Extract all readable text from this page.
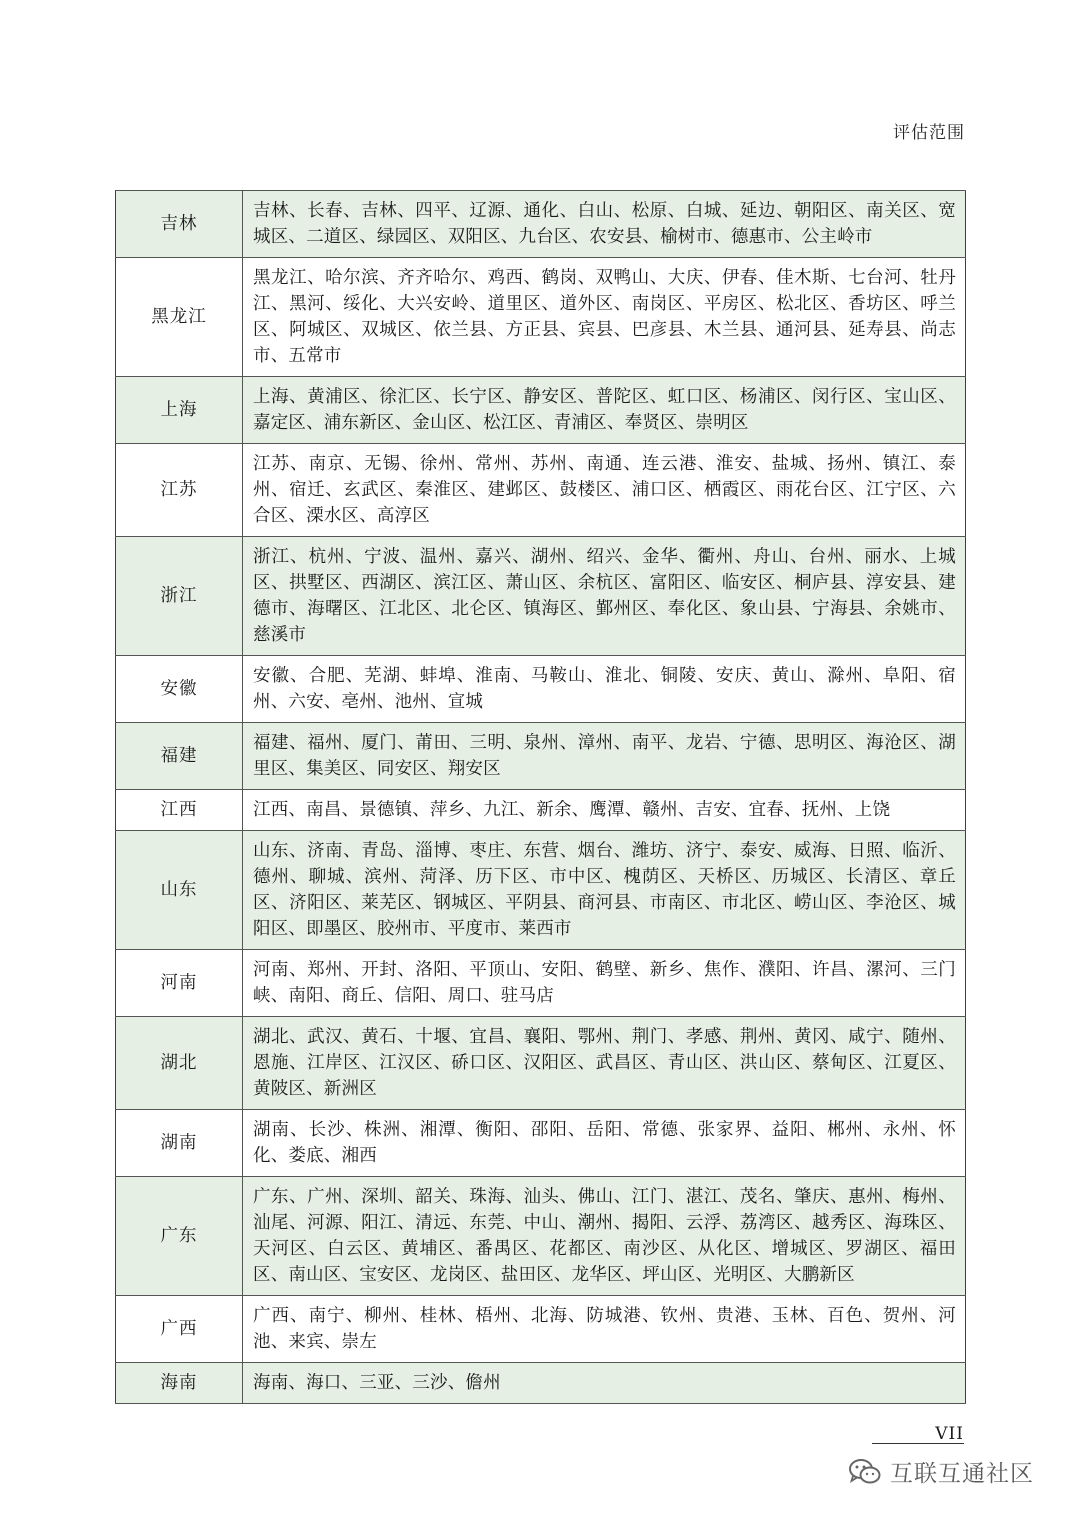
评估范围
吉林	吉林、长春、吉林、四平、辽源、通化、白山、松原、白城、延边、朝阳区、南关区、宽城区、二道区、绿园区、双阳区、九台区、农安县、榆树市、德惠市、公主岭市
黑龙江	黑龙江、哈尔滨、齐齐哈尔、鸡西、鹤岗、双鸭山、大庆、伊春、佳木斯、七台河、牡丹江、黑河、绥化、大兴安岭、道里区、道外区、南岗区、平房区、松北区、香坊区、呼兰区、阿城区、双城区、依兰县、方正县、宾县、巴彦县、木兰县、通河县、延寿县、尚志市、五常市
上海	上海、黄浦区、徐汇区、长宁区、静安区、普陀区、虹口区、杨浦区、闵行区、宝山区、嘉定区、浦东新区、金山区、松江区、青浦区、奉贤区、崇明区
江苏	江苏、南京、无锡、徐州、常州、苏州、南通、连云港、淮安、盐城、扬州、镇江、泰州、宿迁、玄武区、秦淮区、建邺区、鼓楼区、浦口区、栖霞区、雨花台区、江宁区、六合区、溧水区、高淳区
浙江	浙江、杭州、宁波、温州、嘉兴、湖州、绍兴、金华、衢州、舟山、台州、丽水、上城区、拱墅区、西湖区、滨江区、萧山区、余杭区、富阳区、临安区、桐庐县、淳安县、建德市、海曙区、江北区、北仑区、镇海区、鄞州区、奉化区、象山县、宁海县、余姚市、慈溪市
安徽	安徽、合肥、芜湖、蚌埠、淮南、马鞍山、淮北、铜陵、安庆、黄山、滁州、阜阳、宿州、六安、亳州、池州、宣城
福建	福建、福州、厦门、莆田、三明、泉州、漳州、南平、龙岩、宁德、思明区、海沧区、湖里区、集美区、同安区、翔安区
江西	江西、南昌、景德镇、萍乡、九江、新余、鹰潭、赣州、吉安、宜春、抚州、上饶
山东	山东、济南、青岛、淄博、枣庄、东营、烟台、潍坊、济宁、泰安、威海、日照、临沂、德州、聊城、滨州、菏泽、历下区、市中区、槐荫区、天桥区、历城区、长清区、章丘区、济阳区、莱芜区、钢城区、平阴县、商河县、市南区、市北区、崂山区、李沧区、城阳区、即墨区、胶州市、平度市、莱西市
河南	河南、郑州、开封、洛阳、平顶山、安阳、鹤壁、新乡、焦作、濮阳、许昌、漯河、三门峡、南阳、商丘、信阳、周口、驻马店
湖北	湖北、武汉、黄石、十堰、宜昌、襄阳、鄂州、荆门、孝感、荆州、黄冈、咸宁、随州、恩施、江岸区、江汉区、硚口区、汉阳区、武昌区、青山区、洪山区、蔡甸区、江夏区、黄陂区、新洲区
湖南	湖南、长沙、株洲、湘潭、衡阳、邵阳、岳阳、常德、张家界、益阳、郴州、永州、怀化、娄底、湘西
广东	广东、广州、深圳、韶关、珠海、汕头、佛山、江门、湛江、茂名、肇庆、惠州、梅州、汕尾、河源、阳江、清远、东莞、中山、潮州、揭阳、云浮、荔湾区、越秀区、海珠区、天河区、白云区、黄埔区、番禺区、花都区、南沙区、从化区、增城区、罗湖区、福田区、南山区、宝安区、龙岗区、盐田区、龙华区、坪山区、光明区、大鹏新区
广西	广西、南宁、柳州、桂林、梧州、北海、防城港、钦州、贵港、玉林、百色、贺州、河池、来宾、崇左
海南	海南、海口、三亚、三沙、儋州
VII
互联互通社区
